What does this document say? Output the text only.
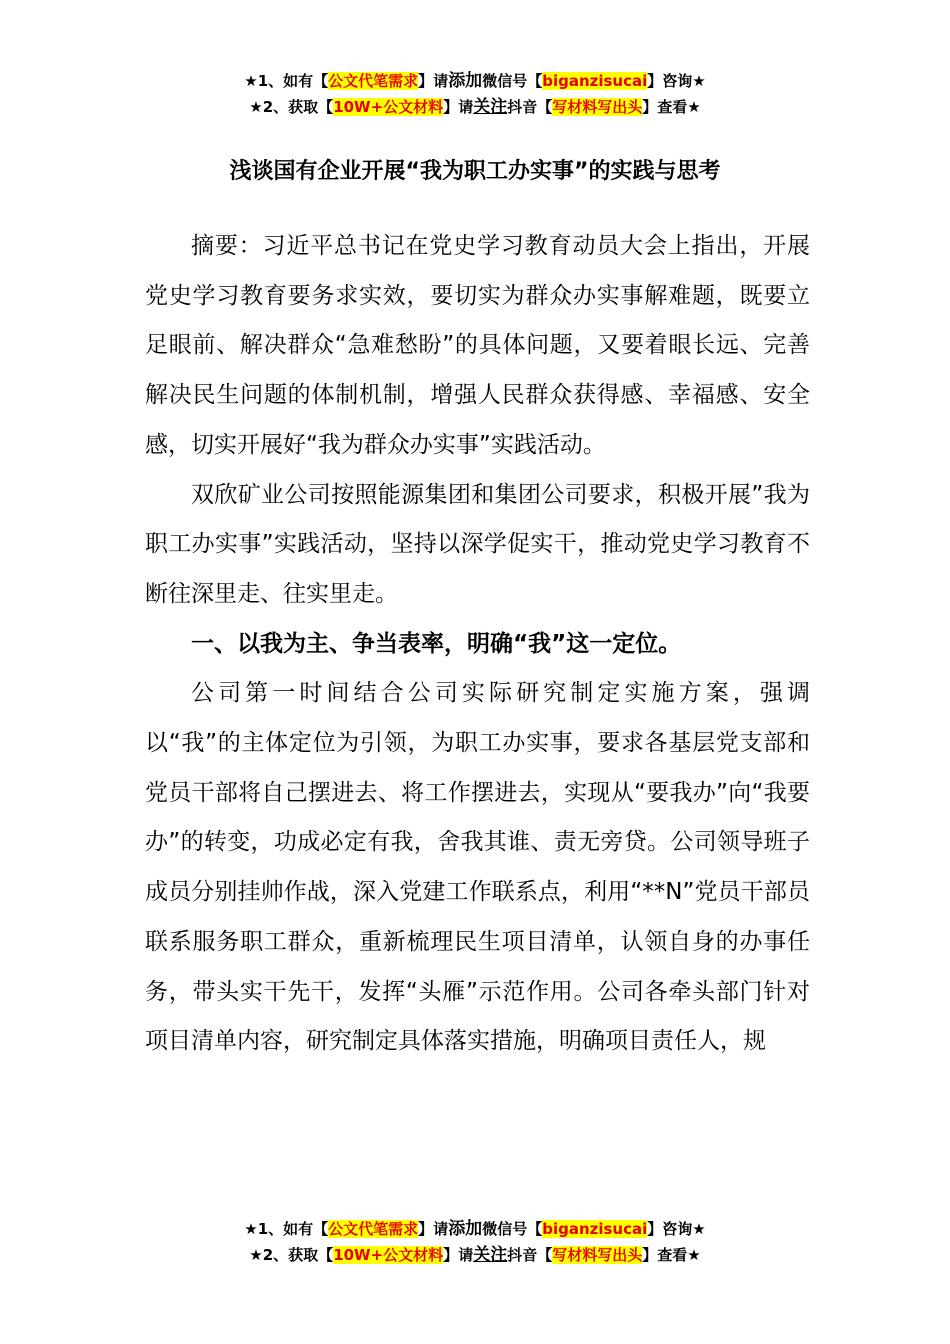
★1、如有【公文代笔需求】请添加微信号【biganzisucai】咨询★
★2、获取【10W+公文材料】请关注抖音【写材料写出头】查看★
浅谈国有企业开展“我为职工办实事”的实践与思考

摘要：习近平总书记在党史学习教育动员大会上指出，开展党史学习教育要务求实效，要切实为群众办实事解难题，既要立足眼前、解决群众“急难愁盼”的具体问题，又要着眼长远、完善解决民生问题的体制机制，增强人民群众获得感、幸福感、安全感，切实开展好“我为群众办实事”实践活动。

双欣矿业公司按照能源集团和集团公司要求，积极开展”我为职工办实事”实践活动，坚持以深学促实干，推动党史学习教育不断往深里走、往实里走。

一、以我为主、争当表率，明确“我”这一定位。

公司第一时间结合公司实际研究制定实施方案，强调以“我”的主体定位为引领，为职工办实事，要求各基层党支部和党员干部将自己摆进去、将工作摆进去，实现从“要我办”向“我要办”的转变，功成必定有我，舍我其谁、责无旁贷。公司领导班子成员分别挂帅作战，深入党建工作联系点，利用“**N”党员干部员联系服务职工群众，重新梳理民生项目清单，认领自身的办事任务，带头实干先干，发挥“头雁”示范作用。公司各牵头部门针对项目清单内容，研究制定具体落实措施，明确项目责任人，规

★1、如有【公文代笔需求】请添加微信号【biganzisucai】咨询★
★2、获取【10W+公文材料】请关注抖音【写材料写出头】查看★
